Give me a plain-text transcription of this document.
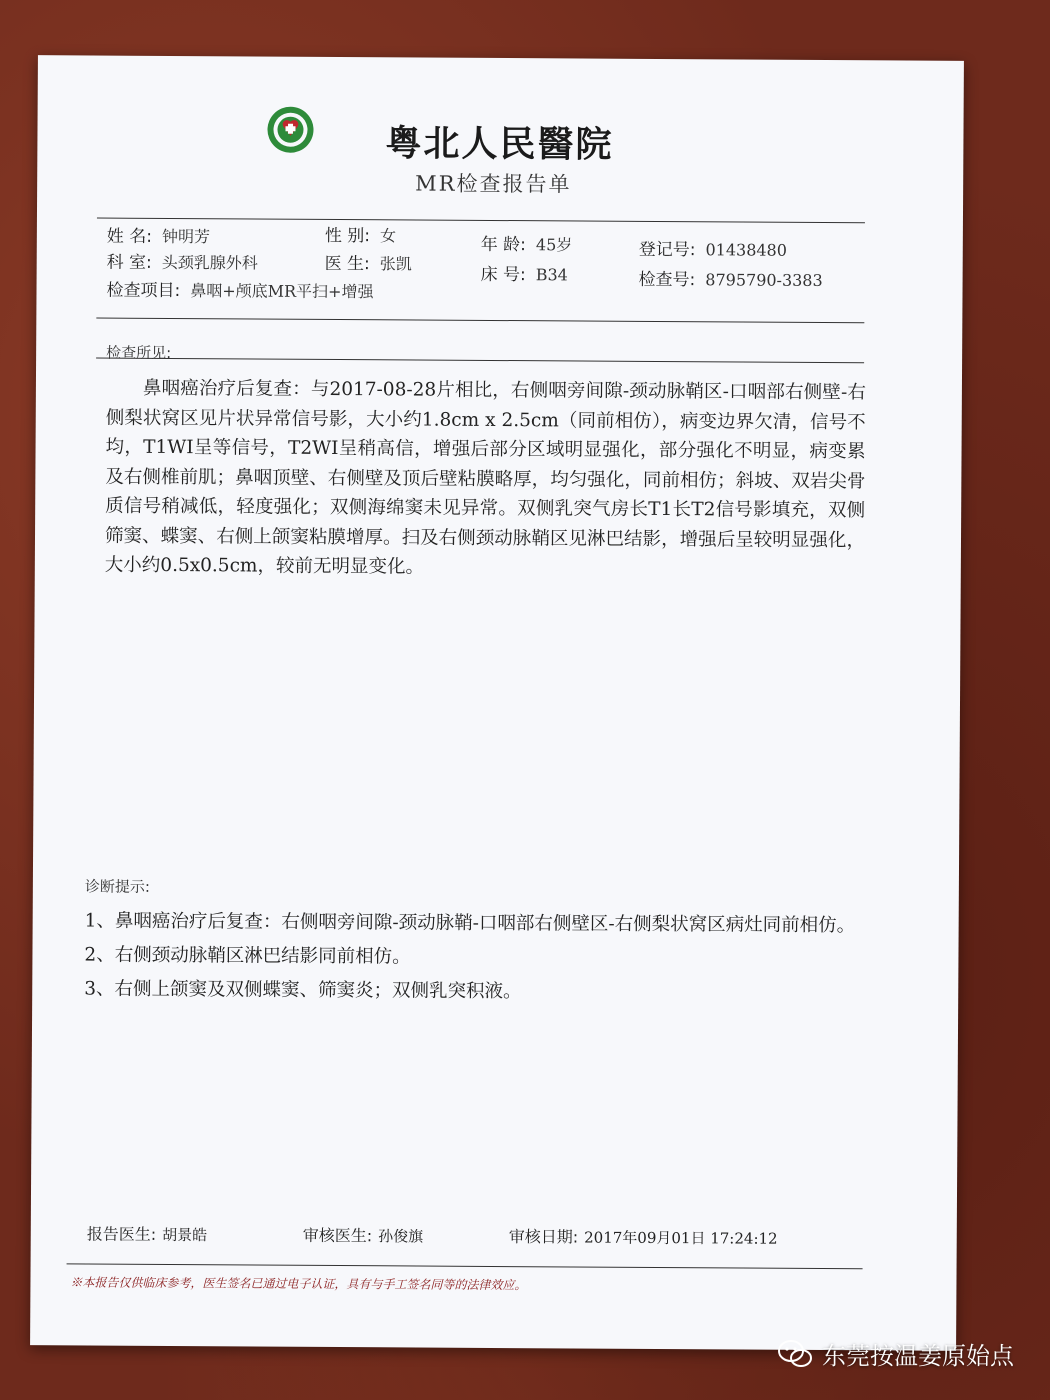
粤北人民醫院
MR检查报告单
姓 名: 钟明芳	性 别: 女	年 龄: 45岁	登记号: 01438480
科 室: 头颈乳腺外科	医 生: 张凯
床 号: B34	检查号: 8795790-3383
检查项目: 鼻咽+颅底MR平扫+增强
检查所见:
鼻咽癌治疗后复查：与2017-08-28片相比，右侧咽旁间隙-颈动脉鞘区-口咽部右侧壁-右侧梨状窝区见片状异常信号影，大小约1.8cm x 2.5cm（同前相仿），病变边界欠清，信号不均，T1WI呈等信号，T2WI呈稍高信，增强后部分区域明显强化，部分强化不明显，病变累及右侧椎前肌；鼻咽顶壁、右侧壁及顶后壁粘膜略厚，均匀强化，同前相仿；斜坡、双岩尖骨质信号稍减低，轻度强化；双侧海绵窦未见异常。双侧乳突气房长T1长T2信号影填充，双侧筛窦、蝶窦、右侧上颌窦粘膜增厚。扫及右侧颈动脉鞘区见淋巴结影，增强后呈较明显强化，大小约0.5x0.5cm，较前无明显变化。
诊断提示:
1、鼻咽癌治疗后复查：右侧咽旁间隙-颈动脉鞘-口咽部右侧壁区-右侧梨状窝区病灶同前相仿。
2、右侧颈动脉鞘区淋巴结影同前相仿。
3、右侧上颌窦及双侧蝶窦、筛窦炎；双侧乳突积液。
报告医生: 胡景皓	审核医生: 孙俊旗	审核日期: 2017年09月01日 17:24:12
※本报告仅供临床参考，医生签名已通过电子认证，具有与手工签名同等的法律效应。
东莞按温姜原始点
